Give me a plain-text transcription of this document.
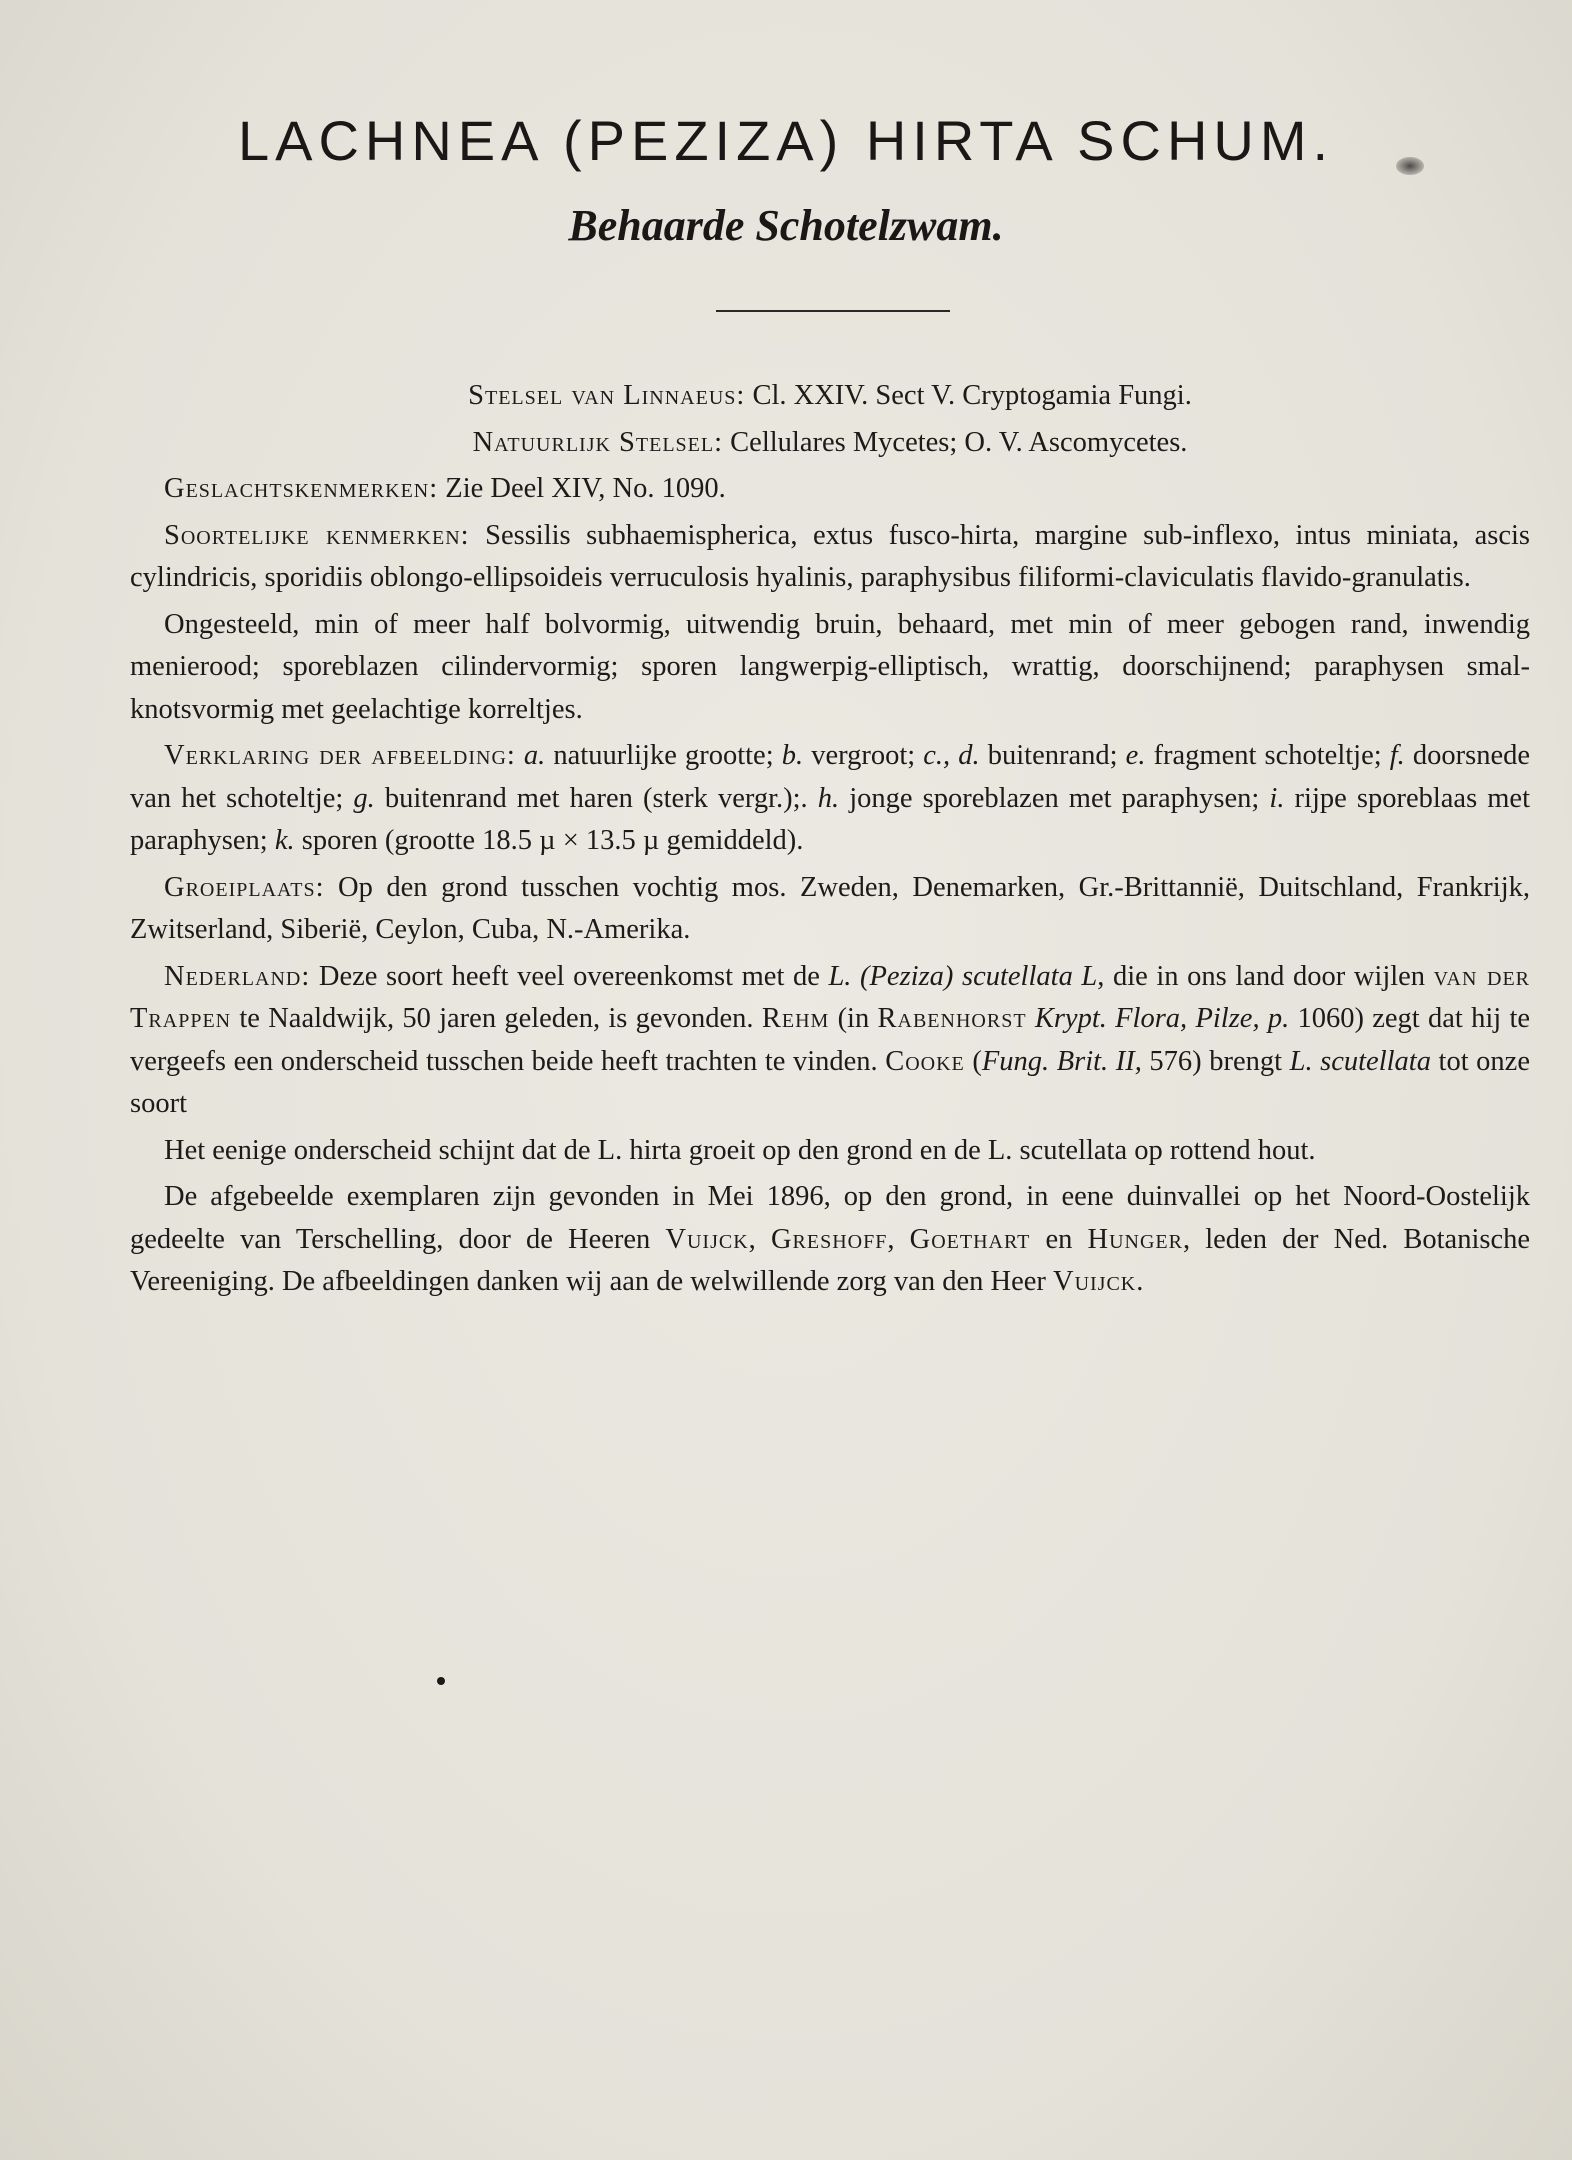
LACHNEA (PEZIZA) HIRTA SCHUM.
Behaarde Schotelzwam.

Stelsel van Linnaeus: Cl. XXIV. Sect V. Cryptogamia Fungi.

Natuurlijk Stelsel: Cellulares Mycetes; O. V. Ascomycetes.

Geslachtskenmerken: Zie Deel XIV, No. 1090.

Soortelijke kenmerken: Sessilis subhaemispherica, extus fusco-hirta, margine sub-inflexo, intus miniata, ascis cylindricis, sporidiis oblongo-ellipsoideis verruculosis hyalinis, paraphysibus filiformi-claviculatis flavido-granulatis.

Ongesteeld, min of meer half bolvormig, uitwendig bruin, behaard, met min of meer gebogen rand, inwendig menierood; sporeblazen cilindervormig; sporen langwerpig-elliptisch, wrattig, doorschijnend; paraphysen smal-knotsvormig met geelachtige korreltjes.

Verklaring der afbeelding: a. natuurlijke grootte; b. vergroot; c., d. buitenrand; e. fragment schoteltje; f. doorsnede van het schoteltje; g. buitenrand met haren (sterk vergr.);. h. jonge sporeblazen met paraphysen; i. rijpe sporeblaas met paraphysen; k. sporen (grootte 18.5 µ × 13.5 µ gemiddeld).

Groeiplaats: Op den grond tusschen vochtig mos. Zweden, Denemarken, Gr.-Brittannië, Duitschland, Frankrijk, Zwitserland, Siberië, Ceylon, Cuba, N.-Amerika.

Nederland: Deze soort heeft veel overeenkomst met de L. (Peziza) scutellata L, die in ons land door wijlen van der Trappen te Naaldwijk, 50 jaren geleden, is gevonden. Rehm (in Rabenhorst Krypt. Flora, Pilze, p. 1060) zegt dat hij te vergeefs een onderscheid tusschen beide heeft trachten te vinden. Cooke (Fung. Brit. II, 576) brengt L. scutellata tot onze soort

Het eenige onderscheid schijnt dat de L. hirta groeit op den grond en de L. scutellata op rottend hout.

De afgebeelde exemplaren zijn gevonden in Mei 1896, op den grond, in eene duinvallei op het Noord-Oostelijk gedeelte van Terschelling, door de Heeren Vuijck, Greshoff, Goethart en Hunger, leden der Ned. Botanische Vereeniging. De afbeeldingen danken wij aan de welwillende zorg van den Heer Vuijck.
